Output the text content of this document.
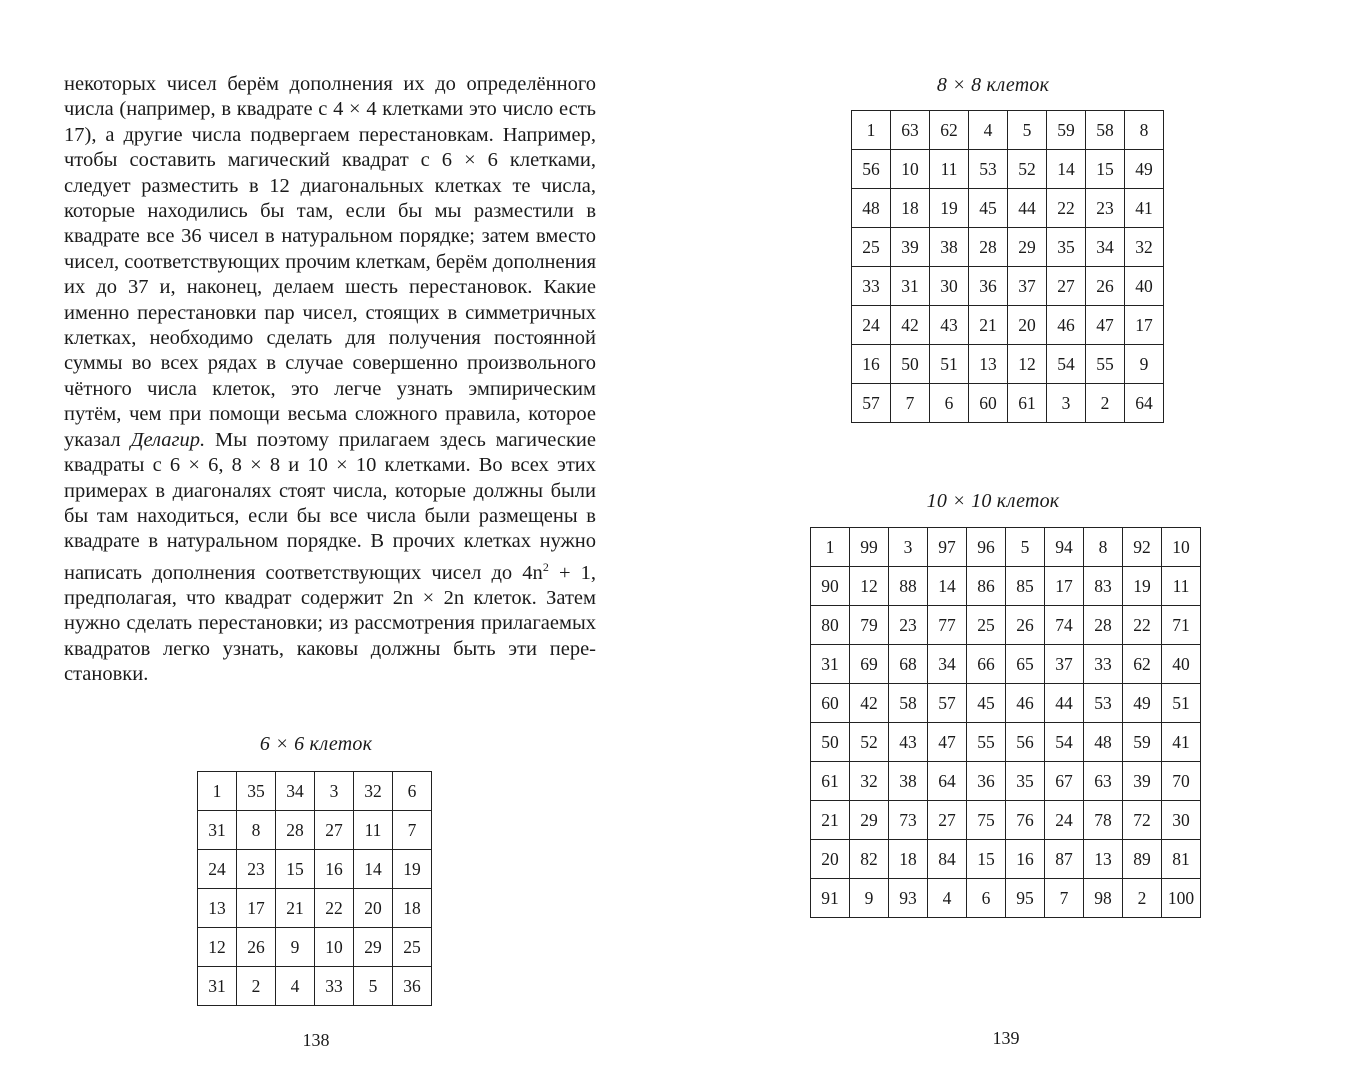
некоторых чисел берём дополнения их до определённого числа (например, в квадрате с 4 × 4 клетками это число есть 17), а другие числа подвергаем перестановкам. Например, чтобы составить магический квадрат с 6 × 6 клетками, следует разместить в 12 диагональных клетках те числа, которые находились бы там, если бы мы разместили в квадрате все 36 чисел в натуральном порядке; затем вместо чисел, соответствующих прочим клеткам, берём дополнения их до 37 и, наконец, делаем шесть перестановок. Какие именно перестановки пар чисел, стоящих в симметричных клетках, необходимо сделать для получения постоянной суммы во всех рядах в случае совершенно произвольного чётного числа клеток, это легче узнать эмпирическим путём, чем при помощи весьма сложного правила, которое указал Делагир. Мы поэтому прилагаем здесь магические квадраты с 6 × 6, 8 × 8 и 10 × 10 клетками. Во всех этих примерах в диагоналях стоят числа, которые должны были бы там находиться, если бы все числа были размещены в квадрате в натуральном порядке. В прочих клетках нужно написать дополнения соответствующих чисел до $4n^2 + 1$, предполагая, что квадрат содержит 2n × 2n клеток. Затем нужно сделать перестановки; из рассмотрения прилагаемых квадратов легко узнать, каковы должны быть эти перестановки.

6 × 6 клеток
1	35	34	3	32	6
31	8	28	27	11	7
24	23	15	16	14	19
13	17	21	22	20	18
12	26	9	10	29	25
31	2	4	33	5	36
138
8 × 8 клеток
1	63	62	4	5	59	58	8
56	10	11	53	52	14	15	49
48	18	19	45	44	22	23	41
25	39	38	28	29	35	34	32
33	31	30	36	37	27	26	40
24	42	43	21	20	46	47	17
16	50	51	13	12	54	55	9
57	7	6	60	61	3	2	64
10 × 10 клеток
1	99	3	97	96	5	94	8	92	10
90	12	88	14	86	85	17	83	19	11
80	79	23	77	25	26	74	28	22	71
31	69	68	34	66	65	37	33	62	40
60	42	58	57	45	46	44	53	49	51
50	52	43	47	55	56	54	48	59	41
61	32	38	64	36	35	67	63	39	70
21	29	73	27	75	76	24	78	72	30
20	82	18	84	15	16	87	13	89	81
91	9	93	4	6	95	7	98	2	100
139
